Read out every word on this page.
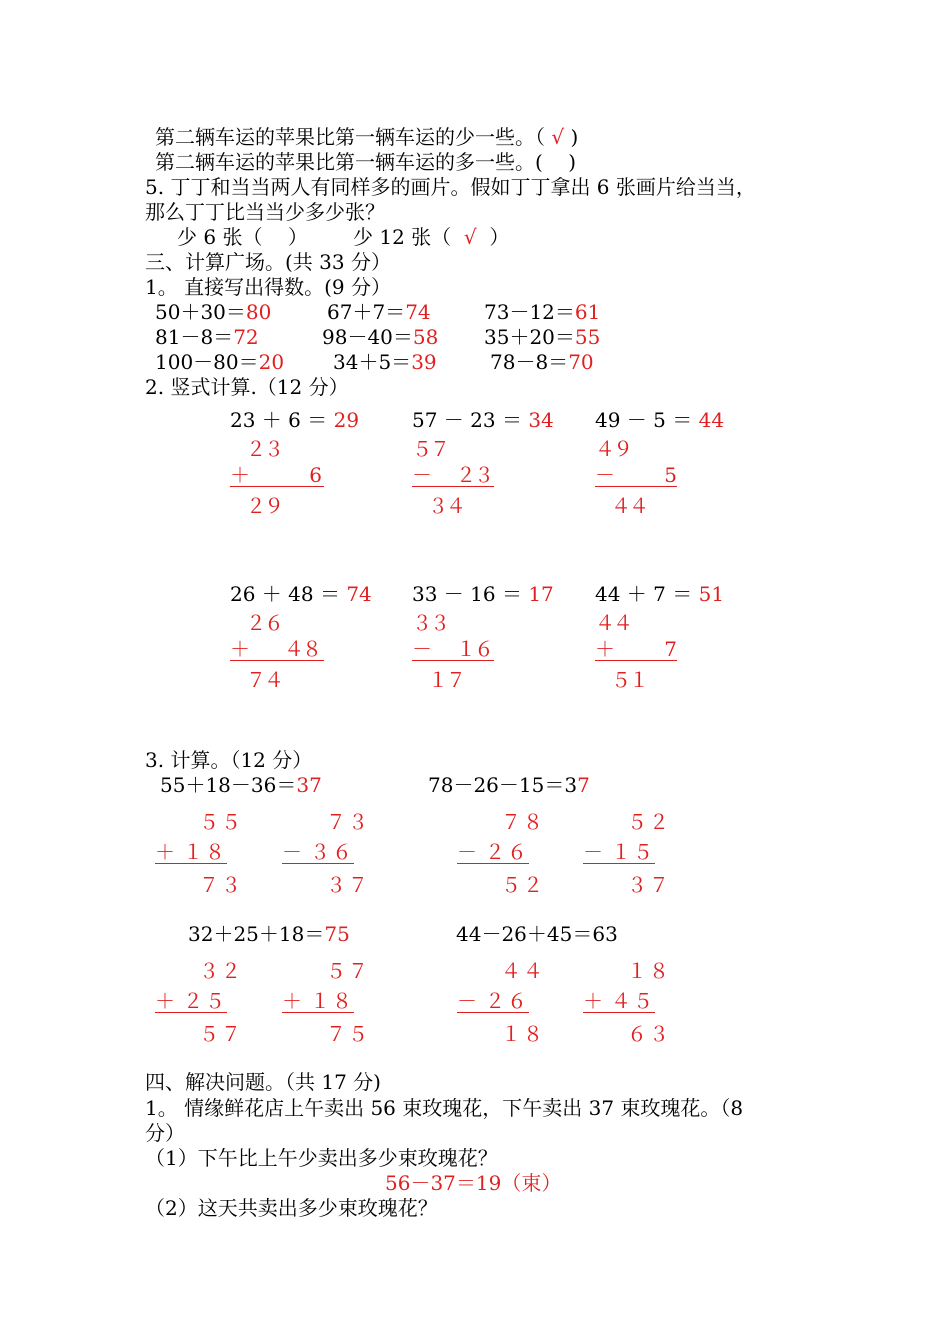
第二辆车运的苹果比第一辆车运的少一些。（ √ )
第二辆车运的苹果比第一辆车运的多一些。(    )
5. 丁丁和当当两人有同样多的画片。假如丁丁拿出 6 张画片给当当，
那么丁丁比当当少多少张？
少 6 张（    ） 少 12 张（  √  ）
三、计算广场。(共 33 分）
1。 直接写出得数。(9 分）
50＋30＝80	67＋7＝74	73－12＝61
81－8＝72	98－40＝58 35＋20＝55
100－80＝20 34＋5＝39	78－8＝70
2. 竖式计算.（12 分）
23 ＋ 6 ＝ 29
２３
＋	6
２９
57 － 23 ＝ 34
５７
－ ２３
３４
49 － 5 ＝ 44
４９
－ 5
４４
26 ＋ 48 ＝ 74
２６
＋ ４８
７４
33 － 16 ＝ 17
３３
－ １６
１７
44 ＋ 7 ＝ 51
４４
＋ 7
５１
3. 计算。（12 分）
55＋18－36＝37
５５
＋ １８
７３
７３
－ ３６
３７
78－26－15＝37
７８
－ ２６
５２
５２
－ １５
３７
32＋25＋18＝75
３２
＋ ２５
５７
５７
＋ １８
７５
44－26＋45＝63
４４
－ ２６
１８
１８
＋ ４５
６３
四、解决问题。（共 17 分)
1。 情缘鲜花店上午卖出 56 束玫瑰花，下午卖出 37 束玫瑰花。（8
分）
（1）下午比上午少卖出多少束玫瑰花？
56－37＝19（束）
（2）这天共卖出多少束玫瑰花？
